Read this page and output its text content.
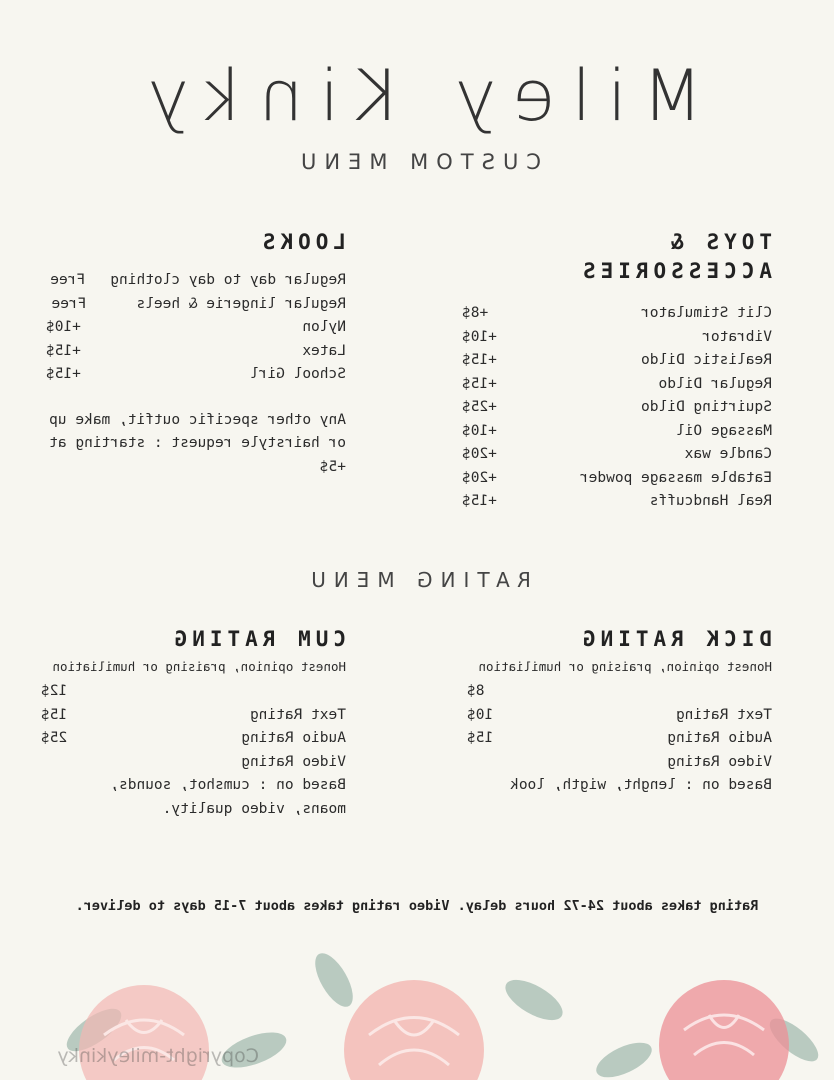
Miley Kinky
CUSTOM MENU
LOOKS
Regular day to day clothingFree
Regular lingerie & heelsFree
Nylon+10$
Latex+15$
School Girl+15$
Any other specific outfit, make up or hairstyle request : starting at +5$
TOYS &
ACCESSORIES
Clit Stimulator+8$
Vibrator+10$
Realistic Dildo+15$
Regular Dildo+15$
Squirting Dildo+25$
Massage Oil+10$
Candle wax+20$
Eatable massage powder+20$
Real Handcuffs+15$
RATING MENU
CUM RATING
Honest opinion, praising or humiliation
12$
Text Rating15$
Audio Rating25$
Video Rating
Based on : cumshot, sounds,
moans, video quality.
DICK RATING
Honest opinion, praising or humiliation
8$
Text Rating10$
Audio Rating15$
Video Rating
Based on : lenght, wigth, look
Rating takes about 24-72 hours delay. Video rating takes about 7-15 days to deliver.
Copyright-mileykinky
